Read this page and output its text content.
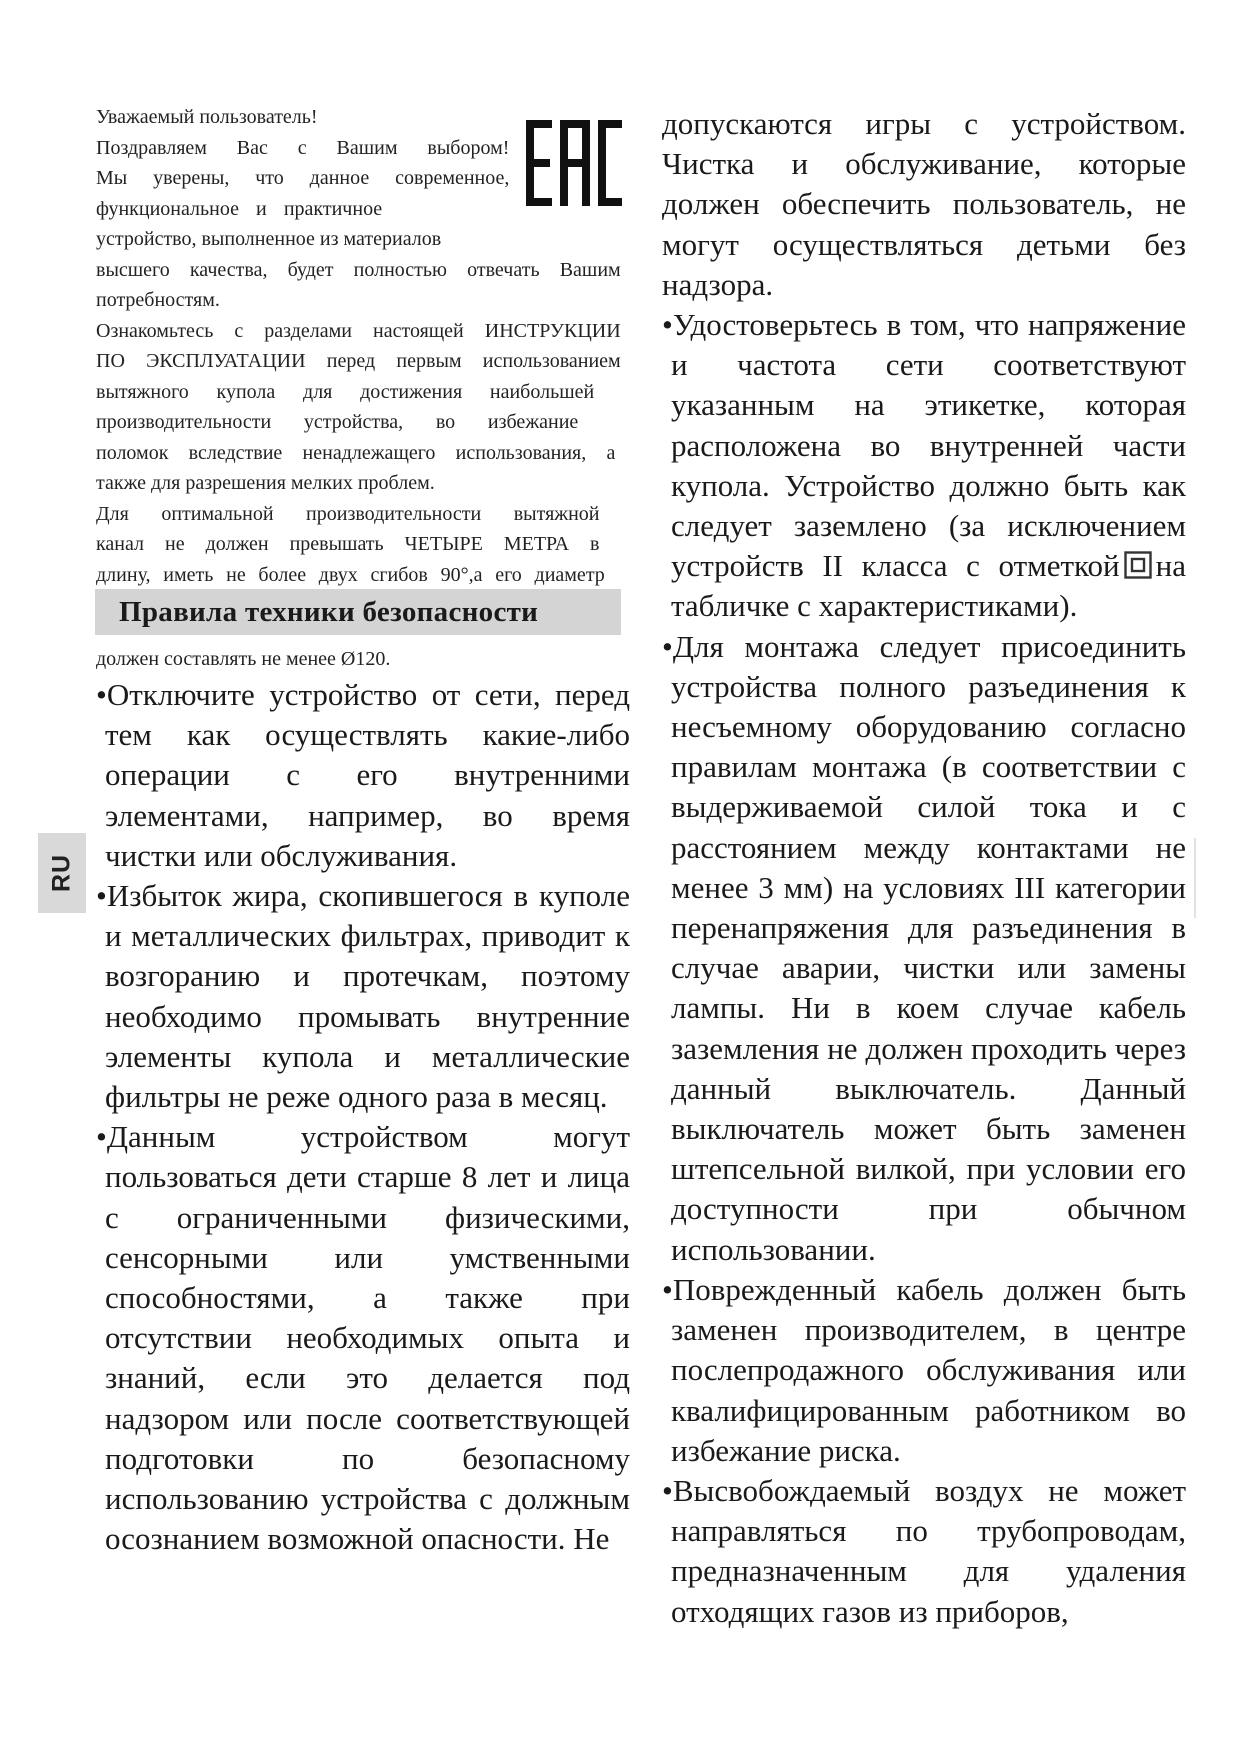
Уважаемый пользователь!

Поздравляем Вас с Вашим выбором!

Мы уверены, что данное современное,

функциональное и практичное

устройство, выполненное из материалов

высшего качества, будет полностью отвечать Вашим

потребностям.

Ознакомьтесь с разделами настоящей ИНСТРУКЦИИ

ПО ЭКСПЛУАТАЦИИ перед первым использованием

вытяжного купола для достижения наибольшей

производительности устройства, во избежание

поломок вследствие ненадлежащего использования, а

также для разрешения мелких проблем.

Для оптимальной производительности вытяжной

канал не должен превышать ЧЕТЫРЕ МЕТРА в

длину, иметь не более двух сгибов 90°,а его диаметр

Правила техники безопасности

должен составлять не менее Ø120.

•Отключите устройство от сети, перед тем как осуществлять какие-либо операции с его внутренними элементами, например, во время чистки или обслуживания.

•Избыток жира, скопившегося в куполе и металлических фильтрах, приводит к возгоранию и протечкам, поэтому необходимо промывать внутренние элементы купола и металлические фильтры не реже одного раза в месяц.

•Данным устройством могут пользоваться дети старше 8 лет и лица с ограниченными физическими, сенсорными или умственными способностями, а также при отсутствии необходимых опыта и знаний, если это делается под надзором или после соответствующей подготовки по безопасному использованию устройства с должным осознанием возможной опасности. Не

допускаются игры с устройством. Чистка и обслуживание, которые должен обеспечить пользователь, не могут осуществляться детьми без надзора.

•Удостоверьтесь в том, что напряжение и частота сети соответствуют указанным на этикетке, которая расположена во внутренней части купола. Устройство должно быть как следует заземлено (за исключением устройств II класса с отметкой на табличке с характеристиками).

•Для монтажа следует присоединить устройства полного разъединения к несъемному оборудованию согласно правилам монтажа (в соответствии с выдерживаемой силой тока и с расстоянием между контактами не менее 3 мм) на условиях III категории перенапряжения для разъединения в случае аварии, чистки или замены лампы. Ни в коем случае кабель заземления не должен проходить через данный выключатель. Данный выключатель может быть заменен штепсельной вилкой, при условии его доступности при обычном использовании.

•Поврежденный кабель должен быть заменен производителем, в центре послепродажного обслуживания или квалифицированным работником во избежание риска.

•Высвобождаемый воздух не может направляться по трубопроводам, предназначенным для удаления отходящих газов из приборов,

RU
